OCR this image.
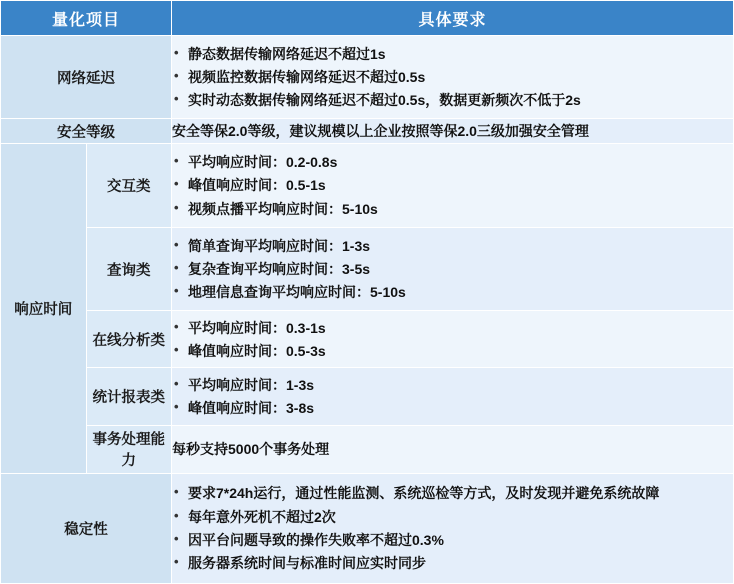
量化项目		具体要求
网络延迟	
• 静态数据传输网络延迟不超过1s
• 视频监控数据传输网络延迟不超过0.5s
• 实时动态数据传输网络延迟不超过0.5s，数据更新频次不低于2s

安全等级		安全等保2.0等级，建议规模以上企业按照等保2.0三级加强安全管理

响应时间	交互类	
• 平均响应时间：0.2-0.8s
• 峰值响应时间：0.5-1s
• 视频点播平均响应时间：5-10s

查询类	
• 简单查询平均响应时间：1-3s
• 复杂查询平均响应时间：3-5s
• 地理信息查询平均响应时间：5-10s

在线分析类	
• 平均响应时间：0.3-1s
• 峰值响应时间：0.5-3s

统计报表类	
• 平均响应时间：1-3s
• 峰值响应时间：3-8s

	事务处理能力	每秒支持5000个事务处理

稳定性	
• 要求7*24h运行，通过性能监测、系统巡检等方式，及时发现并避免系统故障
• 每年意外死机不超过2次
• 因平台问题导致的操作失败率不超过0.3%
• 服务器系统时间与标准时间应实时同步
